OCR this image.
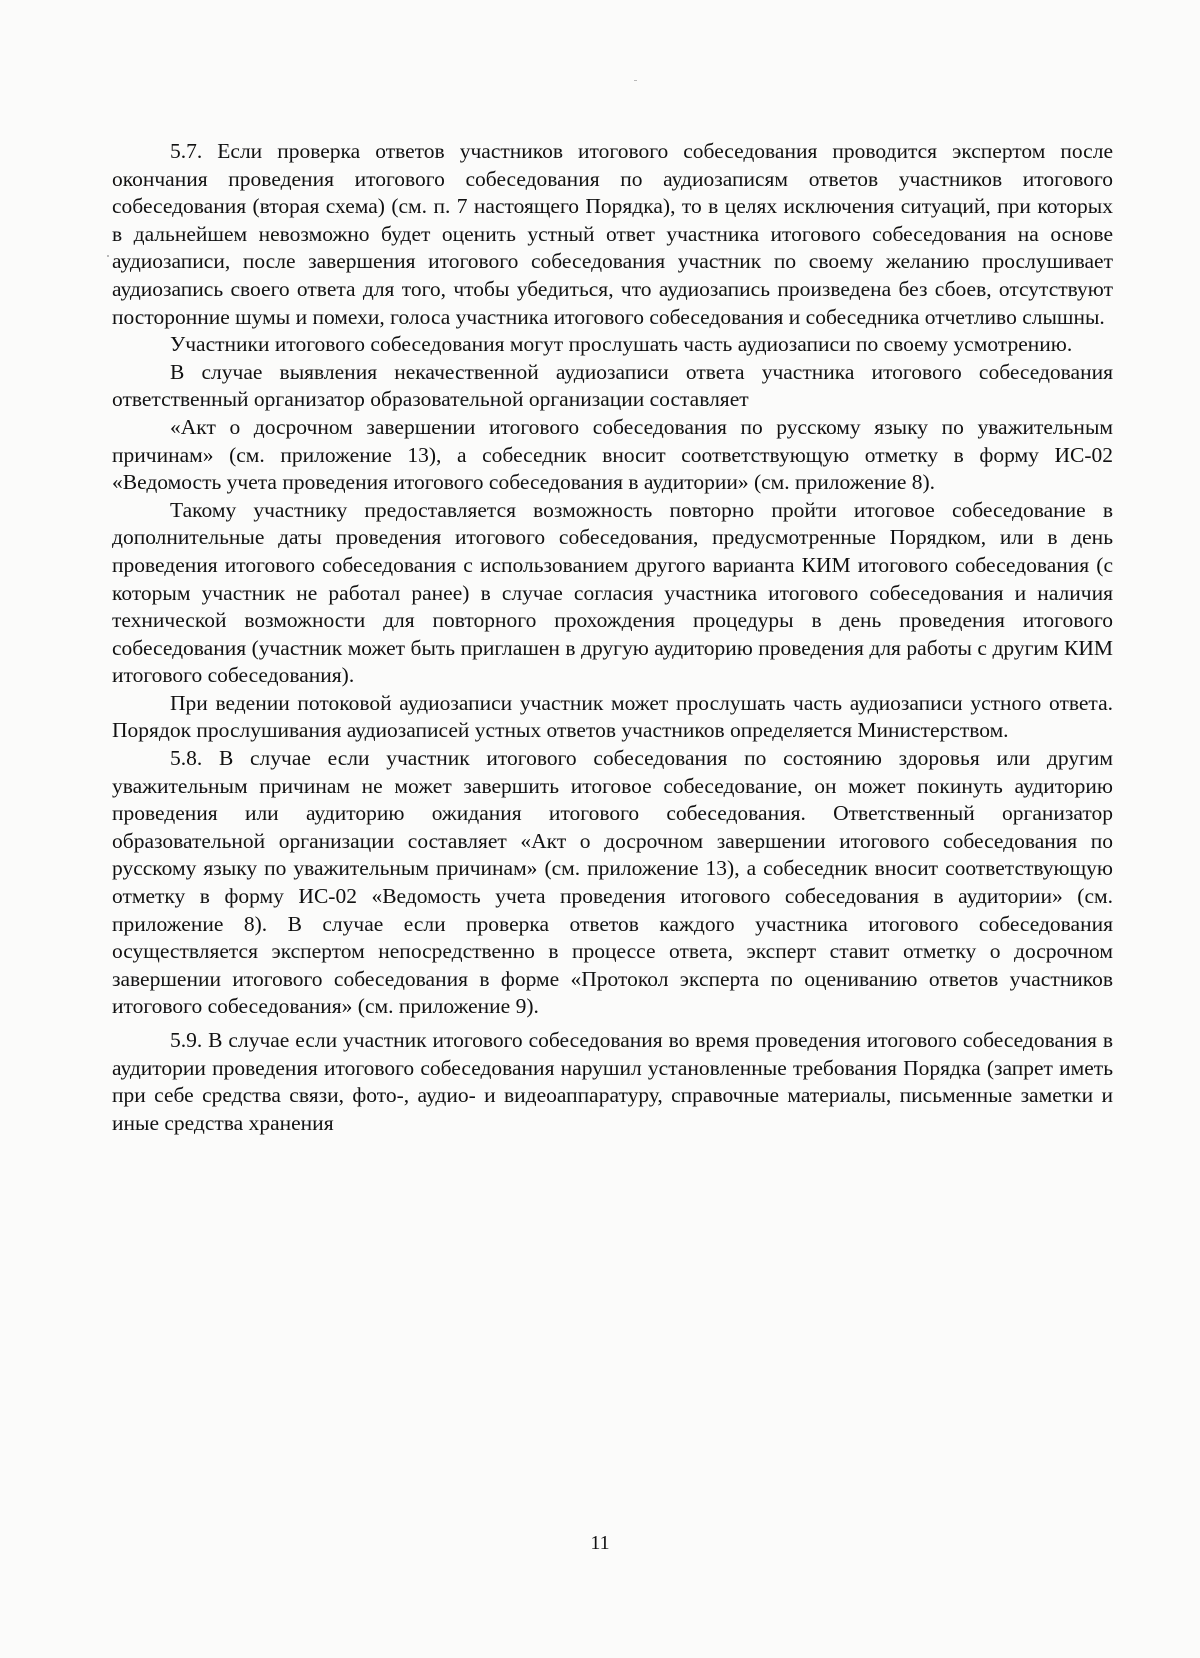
5.7. Если проверка ответов участников итогового собеседования проводится экспертом после окончания проведения итогового собеседования по аудиозаписям ответов участников итогового собеседования (вторая схема) (см. п. 7 настоящего Порядка), то в целях исключения ситуаций, при которых в дальнейшем невозможно будет оценить устный ответ участника итогового собеседования на основе аудиозаписи, после завершения итогового собеседования участник по своему желанию прослушивает аудиозапись своего ответа для того, чтобы убедиться, что аудиозапись произведена без сбоев, отсутствуют посторонние шумы и помехи, голоса участника итогового собеседования и собеседника отчетливо слышны.

Участники итогового собеседования могут прослушать часть аудиозаписи по своему усмотрению.

В случае выявления некачественной аудиозаписи ответа участника итогового собеседования ответственный организатор образовательной организации составляет

«Акт о досрочном завершении итогового собеседования по русскому языку по уважительным причинам» (см. приложение 13), а собеседник вносит соответствующую отметку в форму ИС-02 «Ведомость учета проведения итогового собеседования в аудитории» (см. приложение 8).

Такому участнику предоставляется возможность повторно пройти итоговое собеседование в дополнительные даты проведения итогового собеседования, предусмотренные Порядком, или в день проведения итогового собеседования с использованием другого варианта КИМ итогового собеседования (с которым участник не работал ранее) в случае согласия участника итогового собеседования и наличия технической возможности для повторного прохождения процедуры в день проведения итогового собеседования (участник может быть приглашен в другую аудиторию проведения для работы с другим КИМ итогового собеседования).

При ведении потоковой аудиозаписи участник может прослушать часть аудиозаписи устного ответа. Порядок прослушивания аудиозаписей устных ответов участников определяется Министерством.

5.8. В случае если участник итогового собеседования по состоянию здоровья или другим уважительным причинам не может завершить итоговое собеседование, он может покинуть аудиторию проведения или аудиторию ожидания итогового собеседования. Ответственный организатор образовательной организации составляет «Акт о досрочном завершении итогового собеседования по русскому языку по уважительным причинам» (см. приложение 13), а собеседник вносит соответствующую отметку в форму ИС-02 «Ведомость учета проведения итогового собеседования в аудитории» (см. приложение 8). В случае если проверка ответов каждого участника итогового собеседования осуществляется экспертом непосредственно в процессе ответа, эксперт ставит отметку о досрочном завершении итогового собеседования в форме «Протокол эксперта по оцениванию ответов участников итогового собеседования» (см. приложение 9).

5.9. В случае если участник итогового собеседования во время проведения итогового собеседования в аудитории проведения итогового собеседования нарушил установленные требования Порядка (запрет иметь при себе средства связи, фото-, аудио- и видеоаппаратуру, справочные материалы, письменные заметки и иные средства хранения

11
